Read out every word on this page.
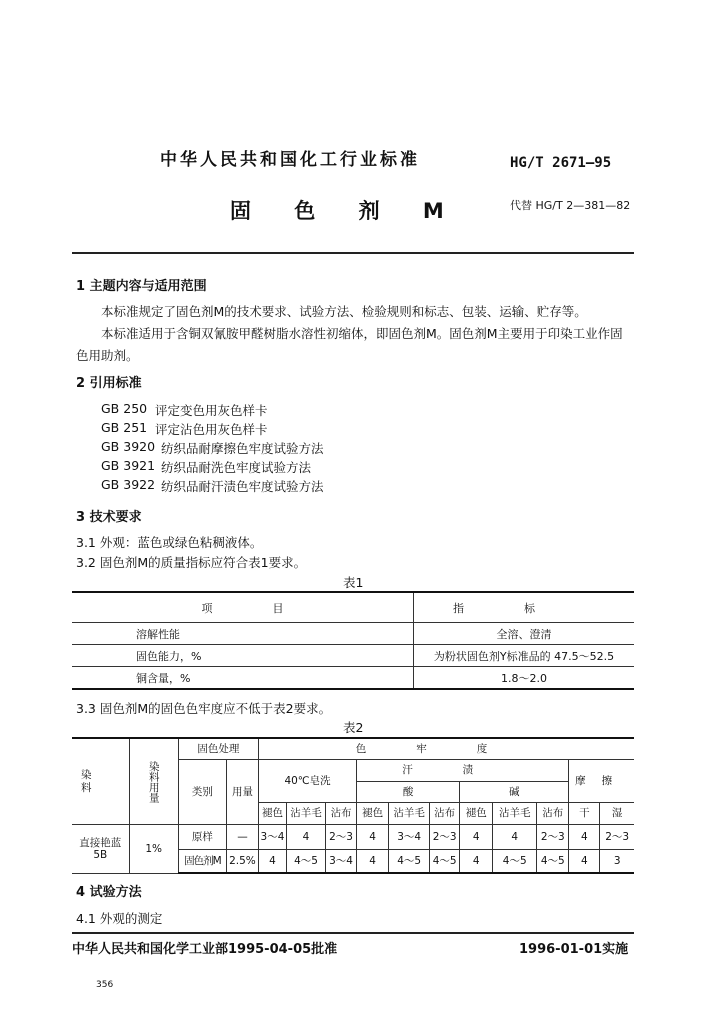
中华人民共和国化工行业标准	HG/T 2671—95
固 色 剂 M	代替 HG/T 2—381—82
1 主题内容与适用范围
本标准规定了固色剂M的技术要求、试验方法、检验规则和标志、包装、运输、贮存等。
本标准适用于含铜双氰胺甲醛树脂水溶性初缩体，即固色剂M。固色剂M主要用于印染工业作固
色用助剂。
2 引用标准
GB 250 评定变色用灰色样卡
GB 251 评定沾色用灰色样卡
GB 3920 纺织品耐摩擦色牢度试验方法
GB 3921 纺织品耐洗色牢度试验方法
GB 3922 纺织品耐汗渍色牢度试验方法
3 技术要求
3.1 外观：蓝色或绿色粘稠液体。
3.2 固色剂M的质量指标应符合表1要求。
表1
项目	指标
溶解性能	全溶、澄清
固色能力，%	为粉状固色剂Y标准品的 47.5～52.5
铜含量，%	1.8～2.0
3.3 固色剂M的固色色牢度应不低于表2要求。
表2
染料	染料用量	固色处理		色牢度										
		类别	用量	40℃皂洗			汗渍						摩擦	
							酸			碱				
				褪色	沾羊毛	沾布	褪色	沾羊毛	沾布	褪色	沾羊毛	沾布	干	湿
直接艳蓝 5B	1%	原样	—	3～4	4	2～3	4	3～4	2～3	4	4	2～3	4	2～3
		固色剂M	2.5%	4	4～5	3～4	4	4～5	4～5	4	4～5	4～5	4	3
4 试验方法
4.1 外观的测定
中华人民共和国化学工业部1995-04-05批准	1996-01-01实施
356
